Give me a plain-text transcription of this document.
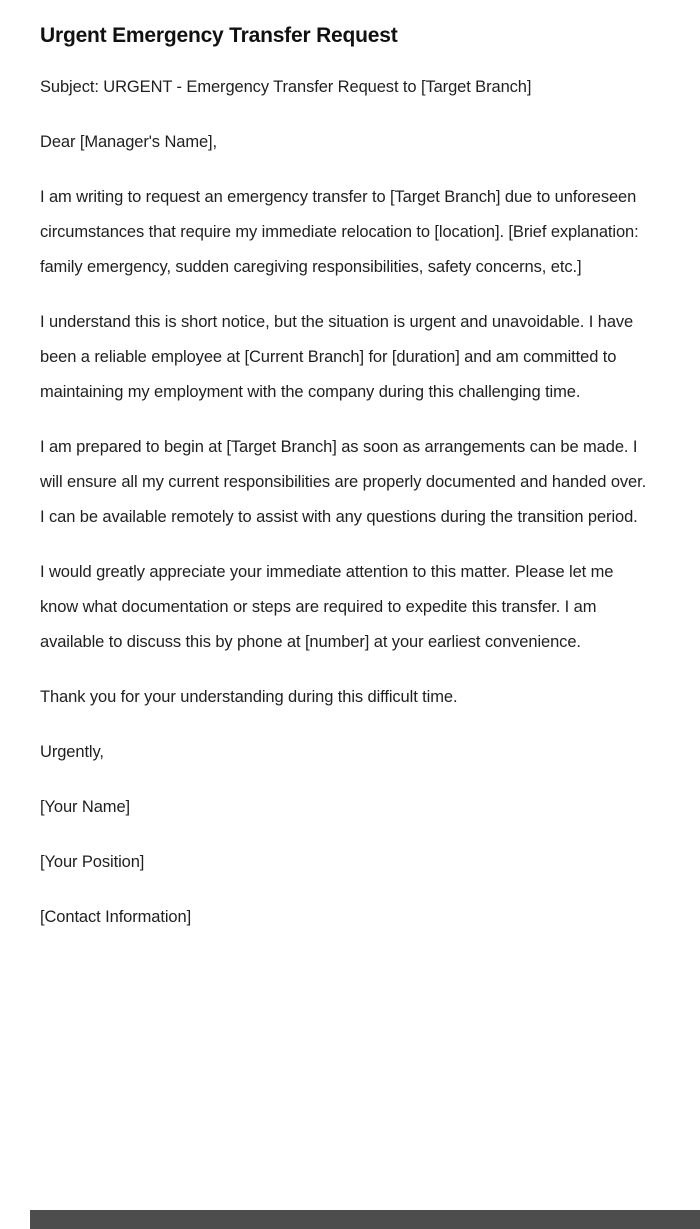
Urgent Emergency Transfer Request

Subject: URGENT - Emergency Transfer Request to [Target Branch]

Dear [Manager's Name],

I am writing to request an emergency transfer to [Target Branch] due to unforeseen circumstances that require my immediate relocation to [location]. [Brief explanation: family emergency, sudden caregiving responsibilities, safety concerns, etc.]

I understand this is short notice, but the situation is urgent and unavoidable. I have been a reliable employee at [Current Branch] for [duration] and am committed to maintaining my employment with the company during this challenging time.

I am prepared to begin at [Target Branch] as soon as arrangements can be made. I will ensure all my current responsibilities are properly documented and handed over. I can be available remotely to assist with any questions during the transition period.

I would greatly appreciate your immediate attention to this matter. Please let me know what documentation or steps are required to expedite this transfer. I am available to discuss this by phone at [number] at your earliest convenience.

Thank you for your understanding during this difficult time.

Urgently,

[Your Name]

[Your Position]

[Contact Information]
